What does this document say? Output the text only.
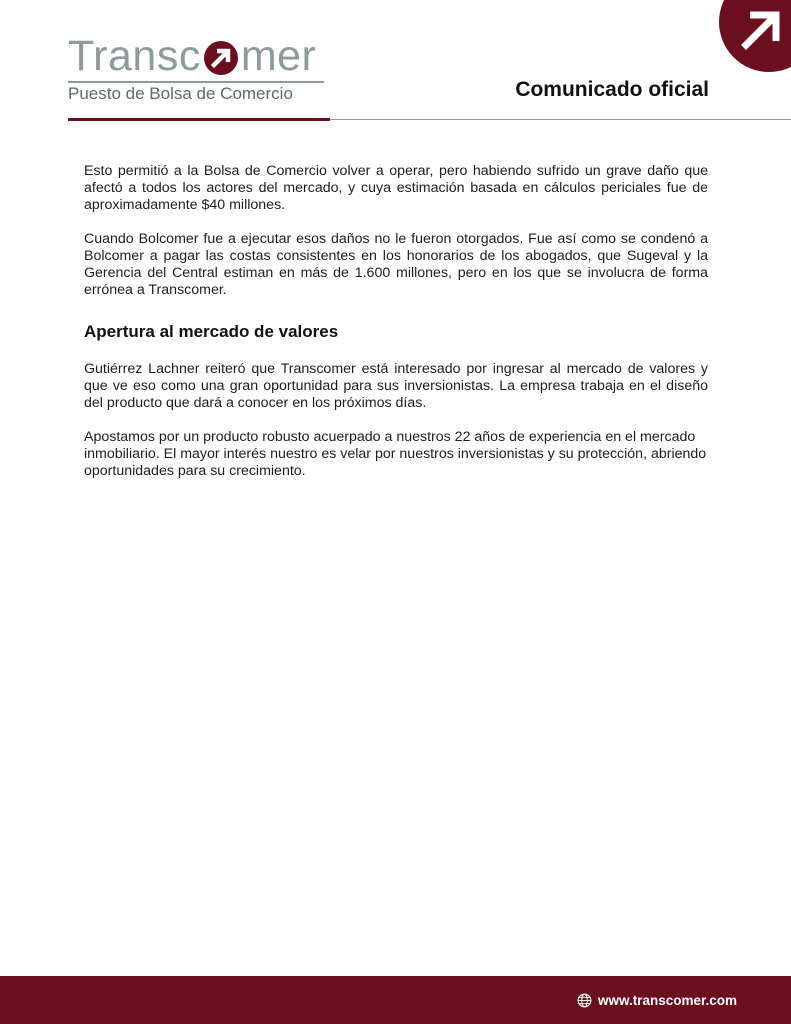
Transc mer
Puesto de Bolsa de Comercio	Comunicado oficial

Esto permitió a la Bolsa de Comercio volver a operar, pero habiendo sufrido un grave daño que afectó a todos los actores del mercado, y cuya estimación basada en cálculos periciales fue de aproximadamente $40 millones.

Cuando Bolcomer fue a ejecutar esos daños no le fueron otorgados. Fue así como se condenó a Bolcomer a pagar las costas consistentes en los honorarios de los abogados, que Sugeval y la Gerencia del Central estiman en más de 1.600 millones, pero en los que se involucra de forma errónea a Transcomer.

Apertura al mercado de valores

Gutiérrez Lachner reiteró que Transcomer está interesado por ingresar al mercado de valores y que ve eso como una gran oportunidad para sus inversionistas. La empresa trabaja en el diseño del producto que dará a conocer en los próximos días.

Apostamos por un producto robusto acuerpado a nuestros 22 años de experiencia en el mercado inmobiliario. El mayor interés nuestro es velar por nuestros inversionistas y su protección, abriendo oportunidades para su crecimiento.

www.transcomer.com
